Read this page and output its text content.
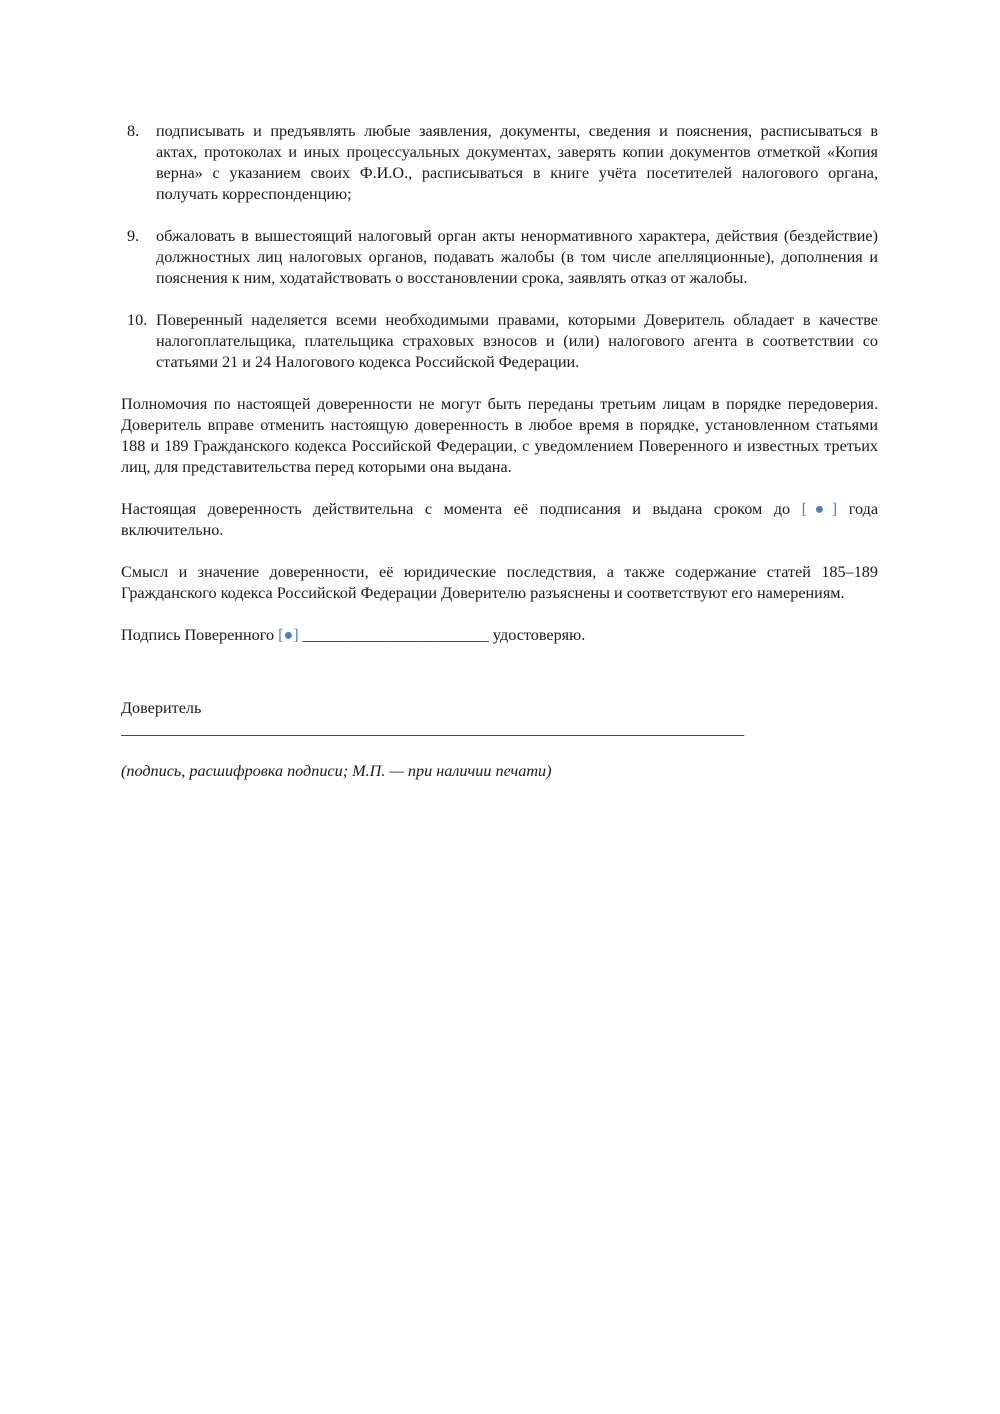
8.	подписывать и предъявлять любые заявления, документы, сведения и пояснения, расписываться в актах, протоколах и иных процессуальных документах, заверять копии документов отметкой «Копия верна» с указанием своих Ф.И.О., расписываться в книге учёта посетителей налогового органа, получать корреспонденцию;
9.	обжаловать в вышестоящий налоговый орган акты ненормативного характера, действия (бездействие) должностных лиц налоговых органов, подавать жалобы (в том числе апелляционные), дополнения и пояснения к ним, ходатайствовать о восстановлении срока, заявлять отказ от жалобы.
10. Поверенный наделяется всеми необходимыми правами, которыми Доверитель обладает в качестве налогоплательщика, плательщика страховых взносов и (или) налогового агента в соответствии со статьями 21 и 24 Налогового кодекса Российской Федерации.

Полномочия по настоящей доверенности не могут быть переданы третьим лицам в порядке передоверия. Доверитель вправе отменить настоящую доверенность в любое время в порядке, установленном статьями 188 и 189 Гражданского кодекса Российской Федерации, с уведомлением Поверенного и известных третьих лиц, для представительства перед которыми она выдана.

Настоящая доверенность действительна с момента её подписания и выдана сроком до [●] года включительно.

Смысл и значение доверенности, её юридические последствия, а также содержание статей 185–189 Гражданского кодекса Российской Федерации Доверителю разъяснены и соответствуют его намерениям.

Подпись Поверенного [●] _______________________ удостоверяю.

Доверитель

_____________________________________________________________________________

(подпись, расшифровка подписи; М.П. — при наличии печати)
